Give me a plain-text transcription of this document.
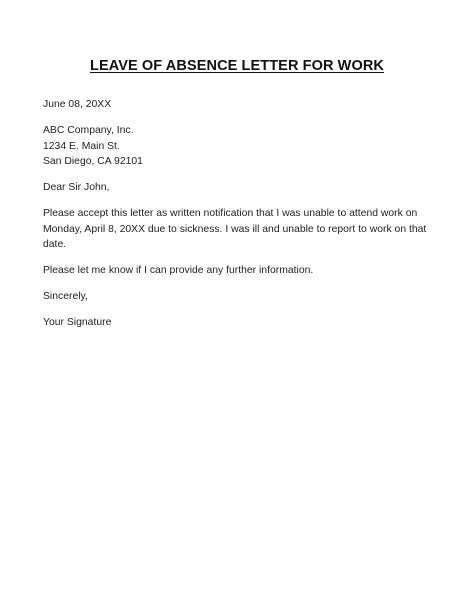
LEAVE OF ABSENCE LETTER FOR WORK

June 08, 20XX

ABC Company, Inc.
1234 E. Main St.
San Diego, CA 92101

Dear Sir John,

Please accept this letter as written notification that I was unable to attend work on
Monday, April 8, 20XX due to sickness. I was ill and unable to report to work on that
date.

Please let me know if I can provide any further information.

Sincerely,

Your Signature
